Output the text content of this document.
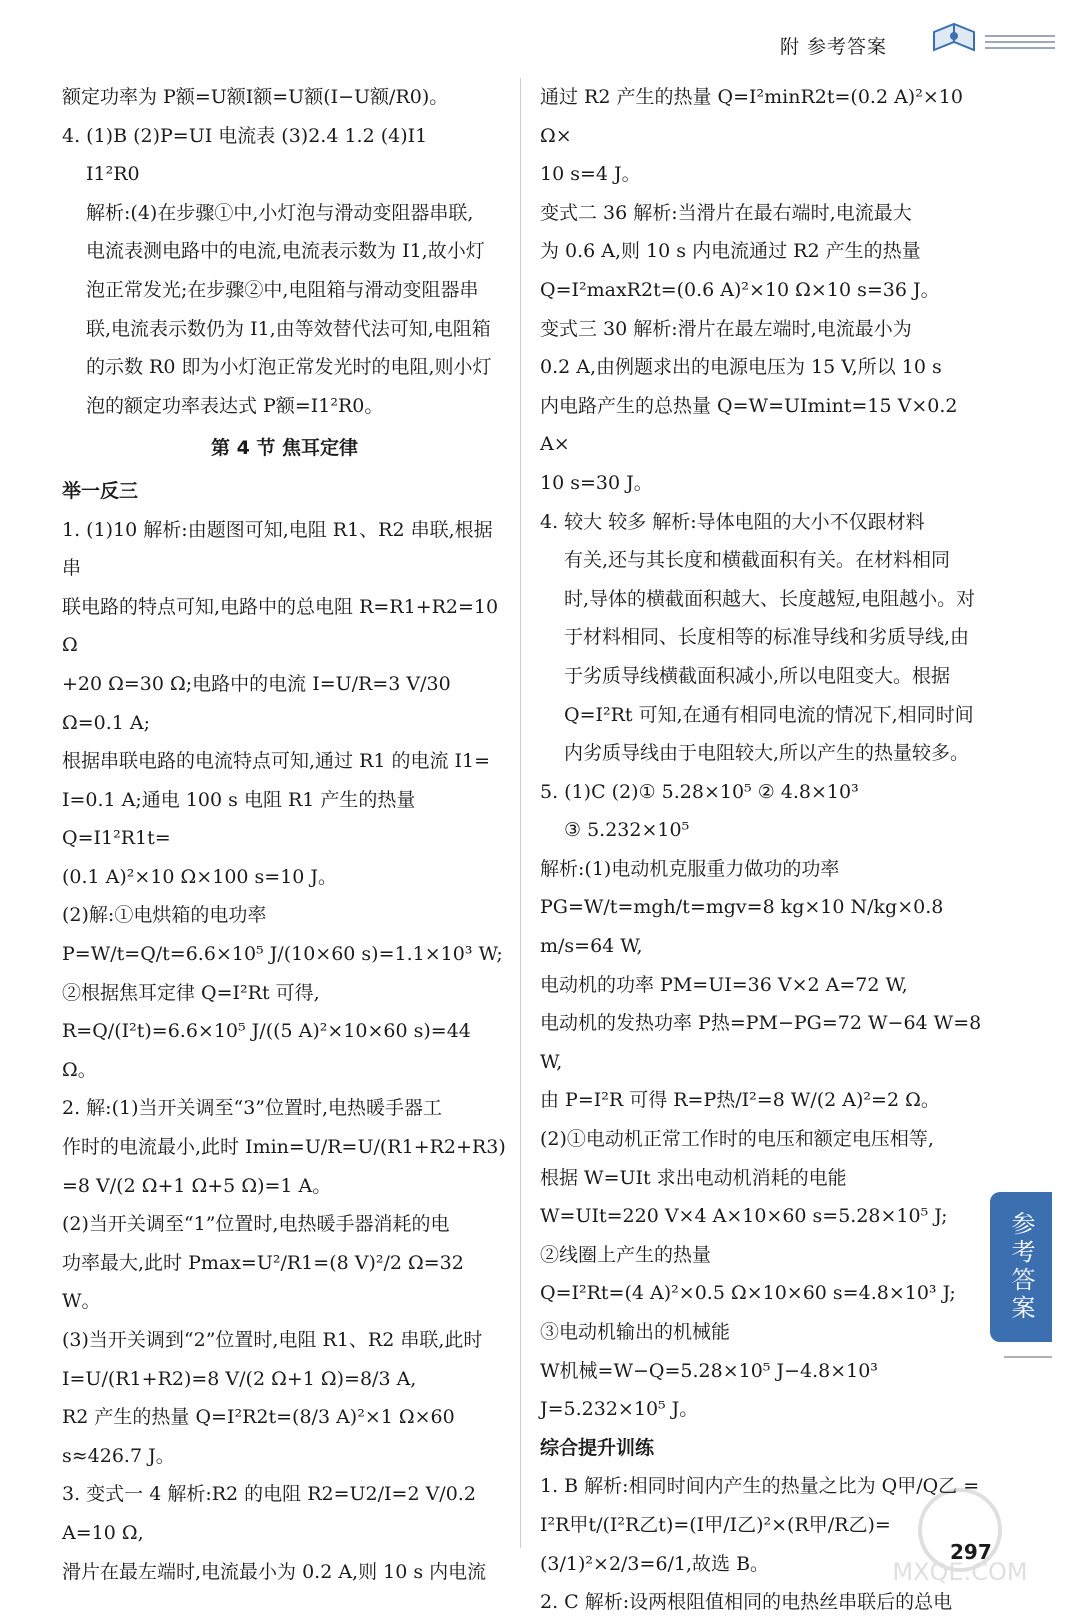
附 参考答案

额定功率为 P额=U额I额=U额(I−U额/R0)。

4. (1)B (2)P=UI 电流表 (3)2.4 1.2 (4)I1

I1²R0

解析:(4)在步骤①中,小灯泡与滑动变阻器串联,

电流表测电路中的电流,电流表示数为 I1,故小灯

泡正常发光;在步骤②中,电阻箱与滑动变阻器串

联,电流表示数仍为 I1,由等效替代法可知,电阻箱

的示数 R0 即为小灯泡正常发光时的电阻,则小灯

泡的额定功率表达式 P额=I1²R0。

第 4 节 焦耳定律

举一反三

1. (1)10 解析:由题图可知,电阻 R1、R2 串联,根据串

联电路的特点可知,电路中的总电阻 R=R1+R2=10 Ω

+20 Ω=30 Ω;电路中的电流 I=U/R=3 V/30 Ω=0.1 A;

根据串联电路的电流特点可知,通过 R1 的电流 I1=

I=0.1 A;通电 100 s 电阻 R1 产生的热量 Q=I1²R1t=

(0.1 A)²×10 Ω×100 s=10 J。

(2)解:①电烘箱的电功率

P=W/t=Q/t=6.6×10⁵ J/(10×60 s)=1.1×10³ W;

②根据焦耳定律 Q=I²Rt 可得,

R=Q/(I²t)=6.6×10⁵ J/((5 A)²×10×60 s)=44 Ω。

2. 解:(1)当开关调至“3”位置时,电热暖手器工

作时的电流最小,此时 Imin=U/R=U/(R1+R2+R3)

=8 V/(2 Ω+1 Ω+5 Ω)=1 A。

(2)当开关调至“1”位置时,电热暖手器消耗的电

功率最大,此时 Pmax=U²/R1=(8 V)²/2 Ω=32 W。

(3)当开关调到“2”位置时,电阻 R1、R2 串联,此时

I=U/(R1+R2)=8 V/(2 Ω+1 Ω)=8/3 A,

R2 产生的热量 Q=I²R2t=(8/3 A)²×1 Ω×60 s≈426.7 J。

3. 变式一 4 解析:R2 的电阻 R2=U2/I=2 V/0.2 A=10 Ω,

滑片在最左端时,电流最小为 0.2 A,则 10 s 内电流

通过 R2 产生的热量 Q=I²minR2t=(0.2 A)²×10 Ω×

10 s=4 J。

变式二 36 解析:当滑片在最右端时,电流最大

为 0.6 A,则 10 s 内电流通过 R2 产生的热量

Q=I²maxR2t=(0.6 A)²×10 Ω×10 s=36 J。

变式三 30 解析:滑片在最左端时,电流最小为

0.2 A,由例题求出的电源电压为 15 V,所以 10 s

内电路产生的总热量 Q=W=UImint=15 V×0.2 A×

10 s=30 J。

4. 较大 较多 解析:导体电阻的大小不仅跟材料

有关,还与其长度和横截面积有关。在材料相同

时,导体的横截面积越大、长度越短,电阻越小。对

于材料相同、长度相等的标准导线和劣质导线,由

于劣质导线横截面积减小,所以电阻变大。根据

Q=I²Rt 可知,在通有相同电流的情况下,相同时间

内劣质导线由于电阻较大,所以产生的热量较多。

5. (1)C (2)① 5.28×10⁵ ② 4.8×10³

③ 5.232×10⁵

解析:(1)电动机克服重力做功的功率

PG=W/t=mgh/t=mgv=8 kg×10 N/kg×0.8 m/s=64 W,

电动机的功率 PM=UI=36 V×2 A=72 W,

电动机的发热功率 P热=PM−PG=72 W−64 W=8 W,

由 P=I²R 可得 R=P热/I²=8 W/(2 A)²=2 Ω。

(2)①电动机正常工作时的电压和额定电压相等,

根据 W=UIt 求出电动机消耗的电能

W=UIt=220 V×4 A×10×60 s=5.28×10⁵ J;

②线圈上产生的热量

Q=I²Rt=(4 A)²×0.5 Ω×10×60 s=4.8×10³ J;

③电动机输出的机械能

W机械=W−Q=5.28×10⁵ J−4.8×10³ J=5.232×10⁵ J。

综合提升训练

1. B 解析:相同时间内产生的热量之比为 Q甲/Q乙 =

I²R甲t/(I²R乙t)=(I甲/I乙)²×(R甲/R乙)=(3/1)²×2/3=6/1,故选 B。

2. C 解析:设两根阻值相同的电热丝串联后的总电

参考答案
MXQE.COM
297
